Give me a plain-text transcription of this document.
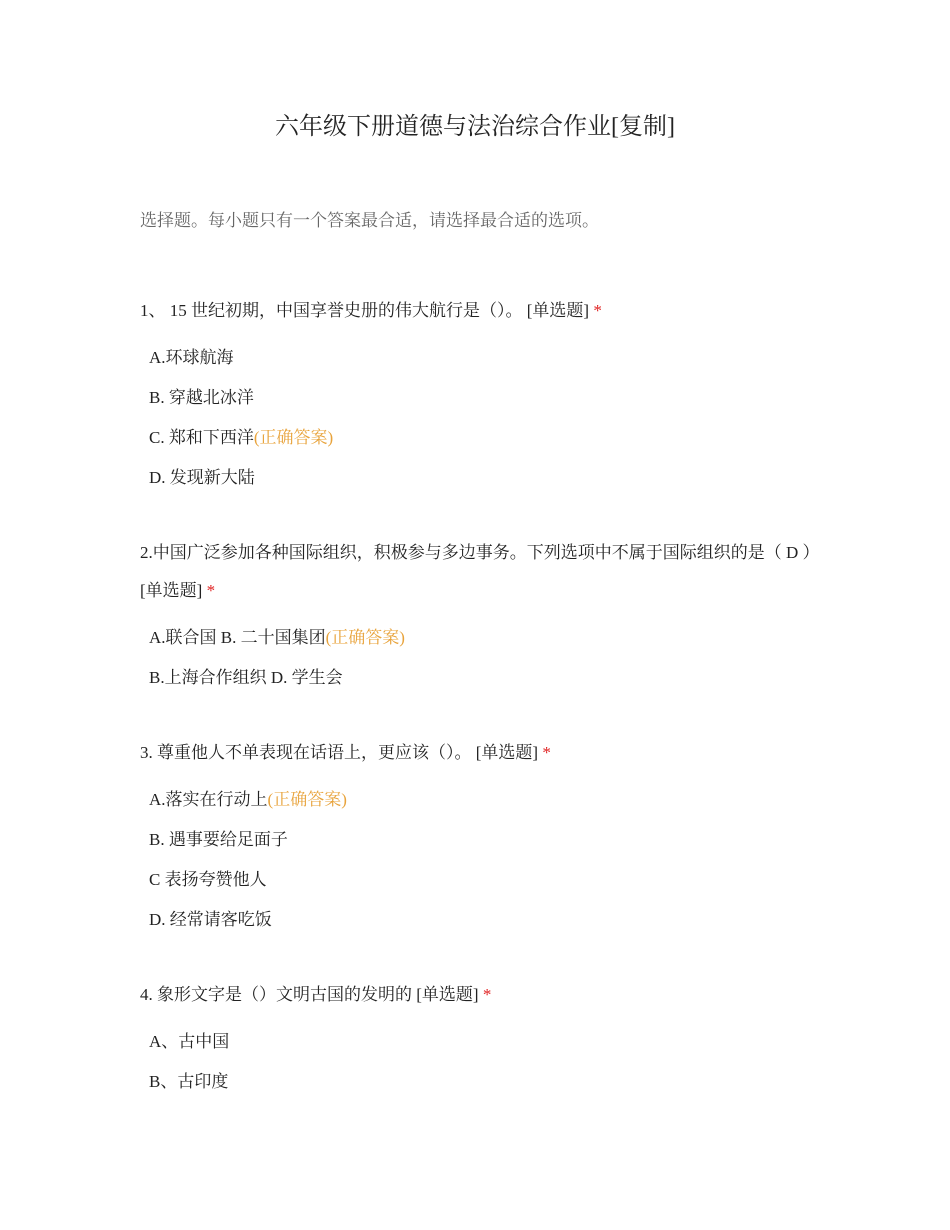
六年级下册道德与法治综合作业[复制]
选择题。每小题只有一个答案最合适，请选择最合适的选项。
1、 15 世纪初期，中国享誉史册的伟大航行是（）。 [单选题] *
A.环球航海
B. 穿越北冰洋
C. 郑和下西洋(正确答案)
D. 发现新大陆
2.中国广泛参加各种国际组织，积极参与多边事务。下列选项中不属于国际组织的是（ D ） [单选题] *
A.联合国 B. 二十国集团(正确答案)
B.上海合作组织 D. 学生会
3. 尊重他人不单表现在话语上，更应该（）。 [单选题] *
A.落实在行动上(正确答案)
B. 遇事要给足面子
C 表扬夸赞他人
D. 经常请客吃饭
4. 象形文字是（）文明古国的发明的 [单选题] *
A、古中国
B、古印度
